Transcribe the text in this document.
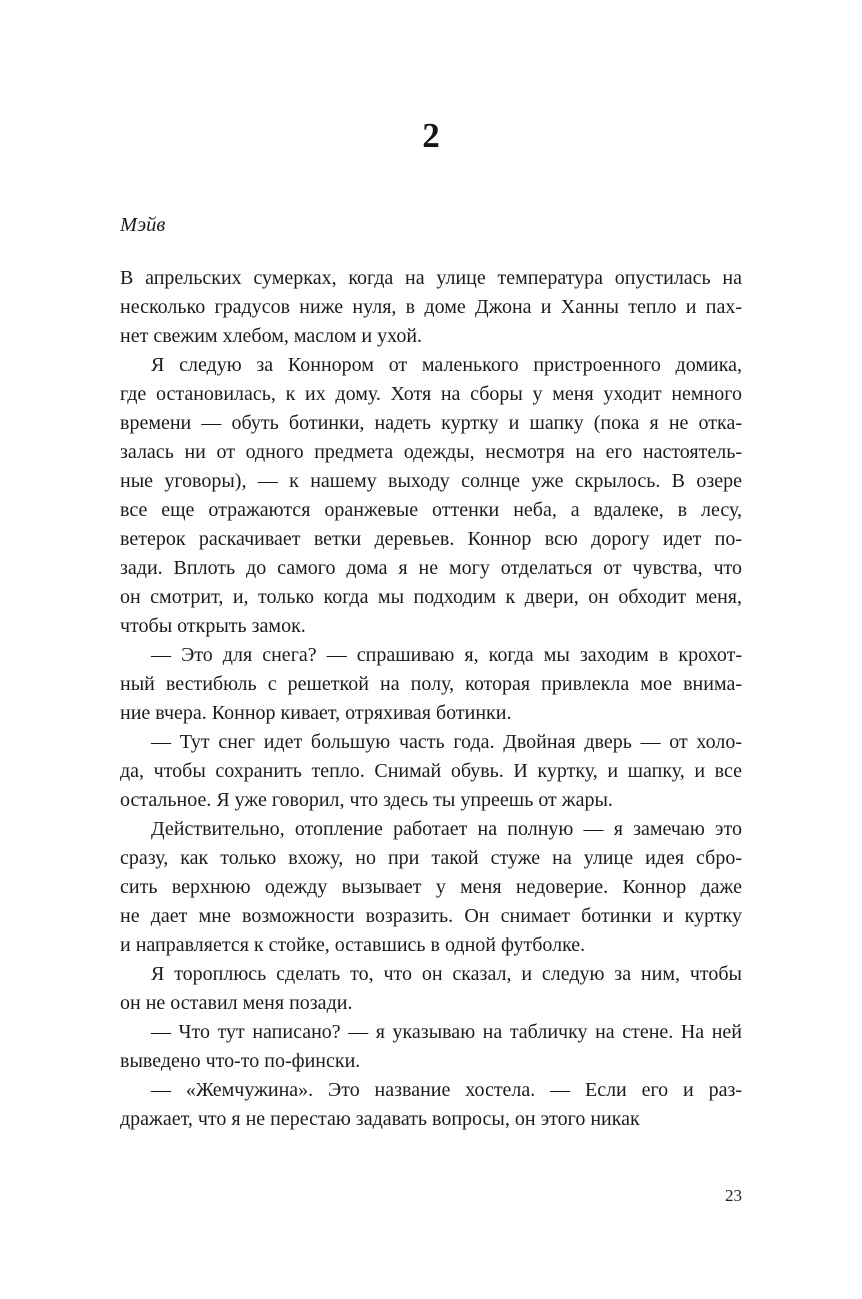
2
Мэйв
В апрельских сумерках, когда на улице температура опустилась на
несколько градусов ниже нуля, в доме Джона и Ханны тепло и пах-
нет свежим хлебом, маслом и ухой.
Я следую за Коннором от маленького пристроенного домика,
где остановилась, к их дому. Хотя на сборы у меня уходит немного
времени — обуть ботинки, надеть куртку и шапку (пока я не отка-
залась ни от одного предмета одежды, несмотря на его настоятель-
ные уговоры), — к нашему выходу солнце уже скрылось. В озере
все еще отражаются оранжевые оттенки неба, а вдалеке, в лесу,
ветерок раскачивает ветки деревьев. Коннор всю дорогу идет по-
зади. Вплоть до самого дома я не могу отделаться от чувства, что
он смотрит, и, только когда мы подходим к двери, он обходит меня,
чтобы открыть замок.
— Это для снега? — спрашиваю я, когда мы заходим в крохот-
ный вестибюль с решеткой на полу, которая привлекла мое внима-
ние вчера. Коннор кивает, отряхивая ботинки.
— Тут снег идет большую часть года. Двойная дверь — от холо-
да, чтобы сохранить тепло. Снимай обувь. И куртку, и шапку, и все
остальное. Я уже говорил, что здесь ты упреешь от жары.
Действительно, отопление работает на полную — я замечаю это
сразу, как только вхожу, но при такой стуже на улице идея сбро-
сить верхнюю одежду вызывает у меня недоверие. Коннор даже
не дает мне возможности возразить. Он снимает ботинки и куртку
и направляется к стойке, оставшись в одной футболке.
Я тороплюсь сделать то, что он сказал, и следую за ним, чтобы
он не оставил меня позади.
— Что тут написано? — я указываю на табличку на стене. На ней
выведено что-то по-фински.
— «Жемчужина». Это название хостела. — Если его и раз-
дражает, что я не перестаю задавать вопросы, он этого никак
23
